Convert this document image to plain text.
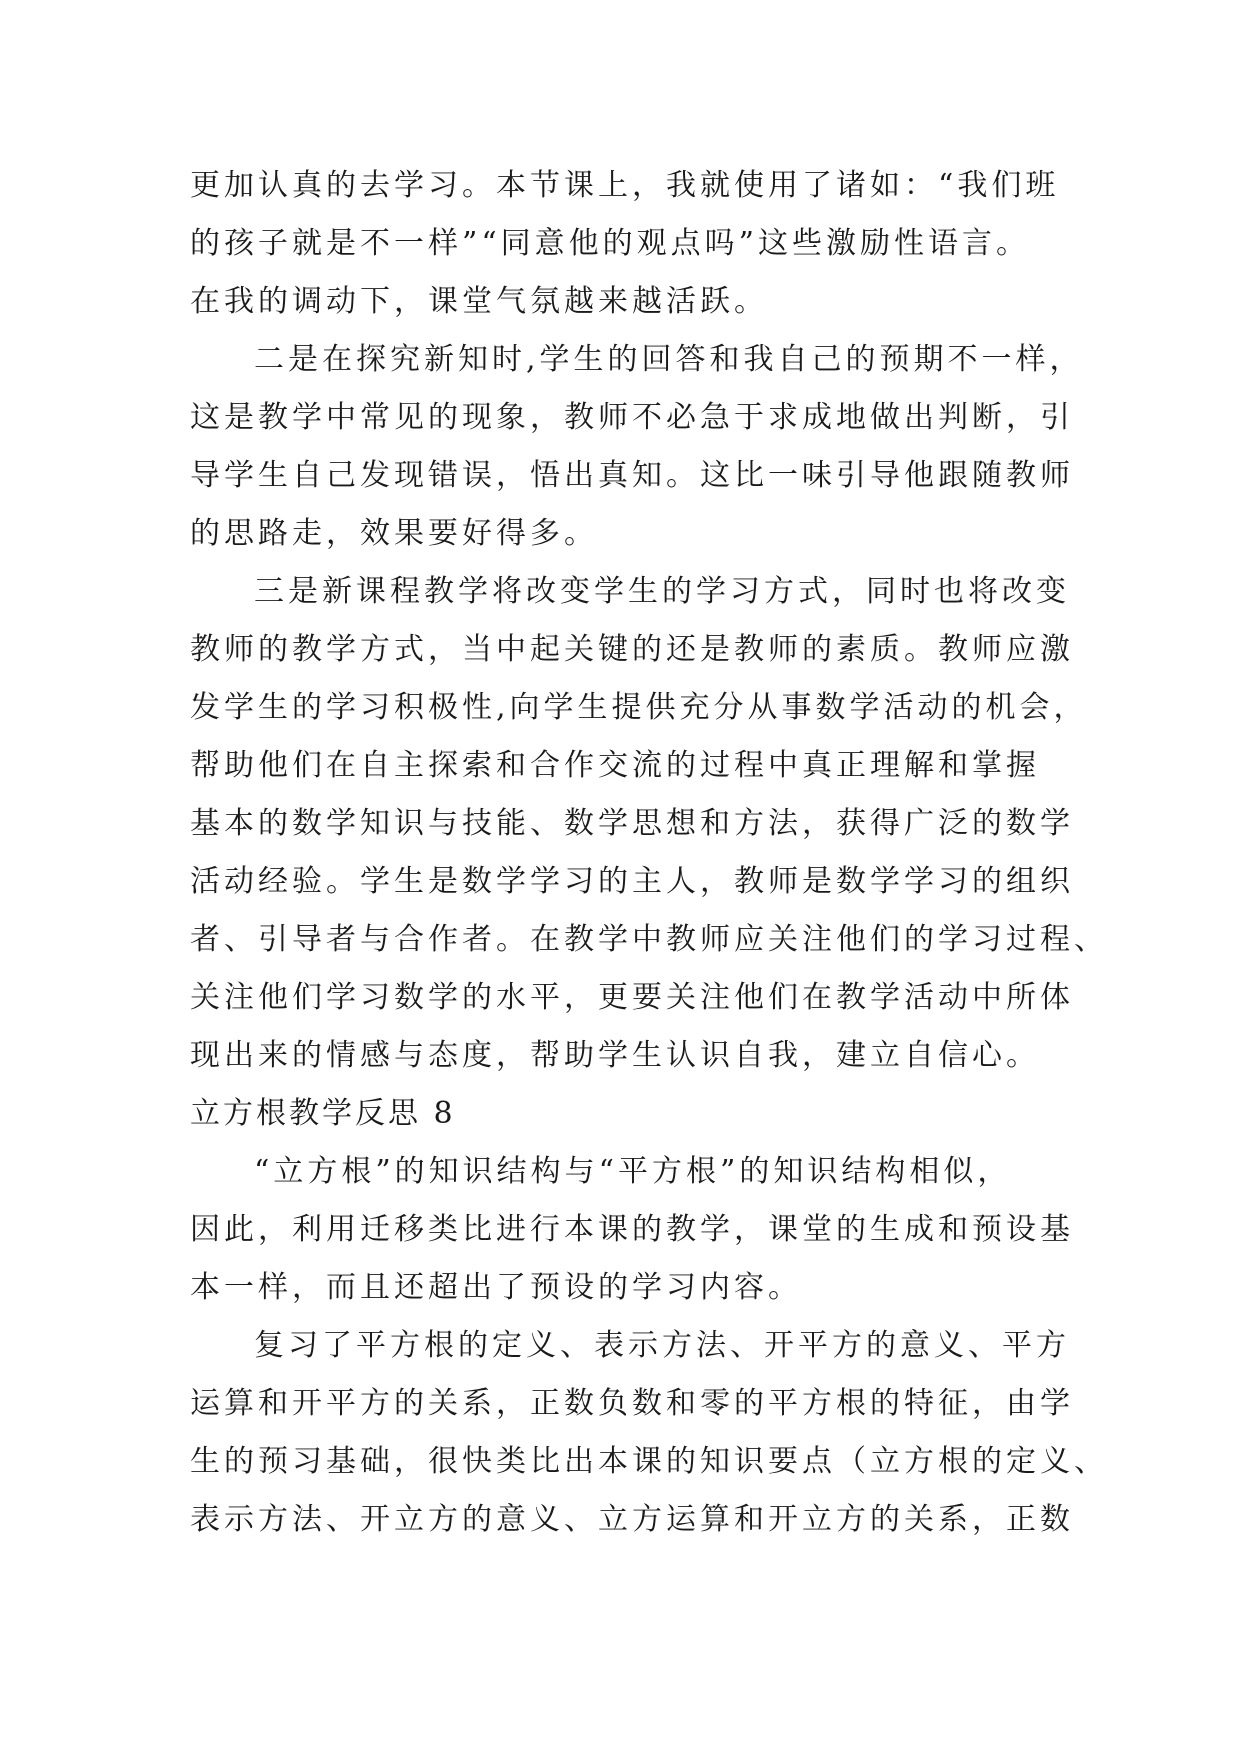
更加认真的去学习。本节课上，我就使用了诸如：“我们班
的孩子就是不一样”“同意他的观点吗”这些激励性语言。
在我的调动下，课堂气氛越来越活跃。

二是在探究新知时,学生的回答和我自己的预期不一样，
这是教学中常见的现象，教师不必急于求成地做出判断，引
导学生自己发现错误，悟出真知。这比一味引导他跟随教师
的思路走，效果要好得多。

三是新课程教学将改变学生的学习方式，同时也将改变
教师的教学方式，当中起关键的还是教师的素质。教师应激
发学生的学习积极性,向学生提供充分从事数学活动的机会，
帮助他们在自主探索和合作交流的过程中真正理解和掌握
基本的数学知识与技能、数学思想和方法，获得广泛的数学
活动经验。学生是数学学习的主人，教师是数学学习的组织
者、引导者与合作者。在教学中教师应关注他们的学习过程、
关注他们学习数学的水平，更要关注他们在教学活动中所体
现出来的情感与态度，帮助学生认识自我，建立自信心。

立方根教学反思 8

“立方根”的知识结构与“平方根”的知识结构相似，
因此，利用迁移类比进行本课的教学，课堂的生成和预设基
本一样，而且还超出了预设的学习内容。

复习了平方根的定义、表示方法、开平方的意义、平方
运算和开平方的关系，正数负数和零的平方根的特征，由学
生的预习基础，很快类比出本课的知识要点（立方根的定义、
表示方法、开立方的意义、立方运算和开立方的关系，正数
